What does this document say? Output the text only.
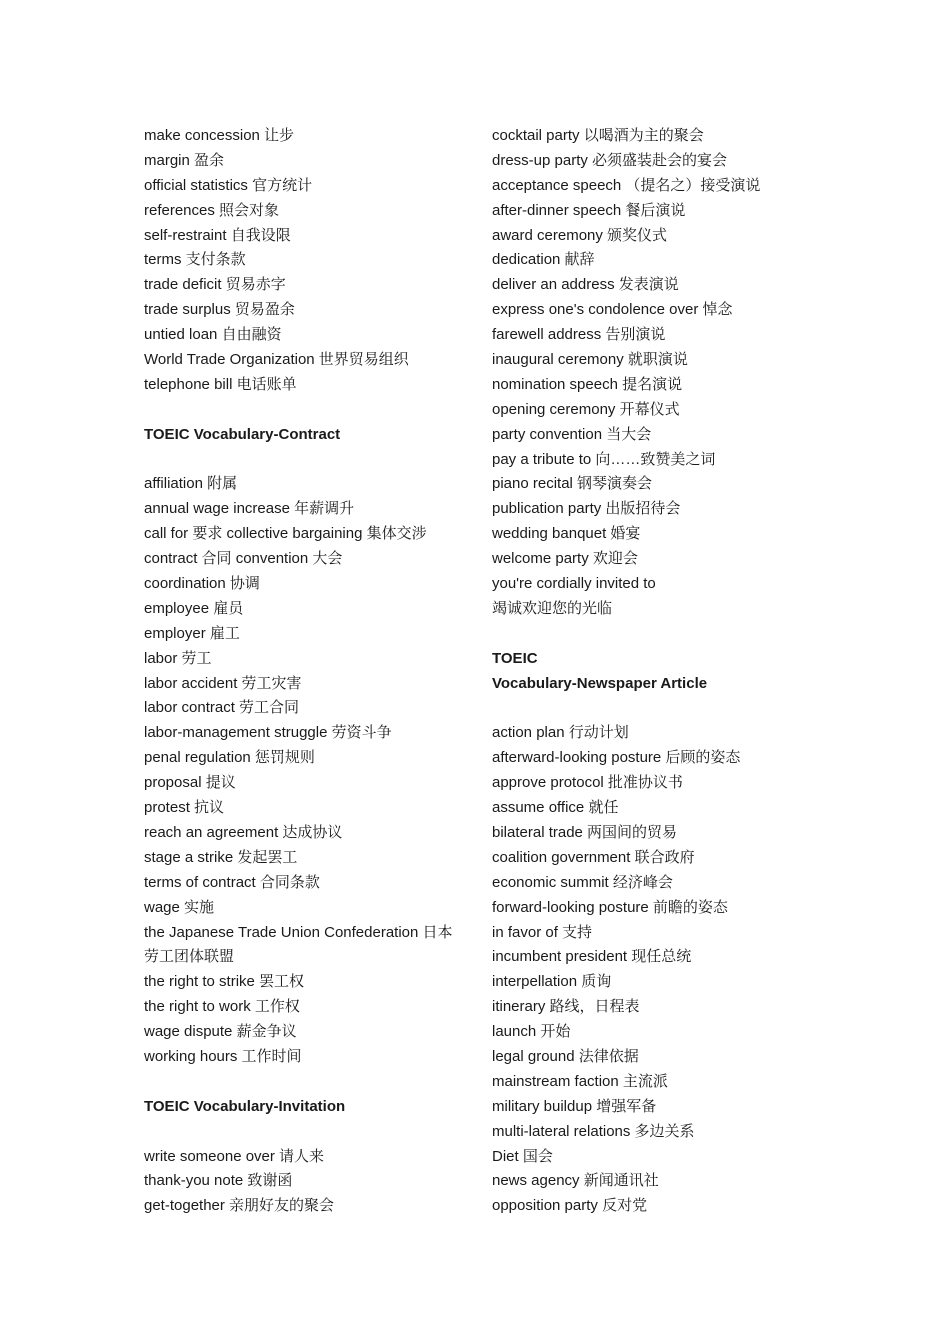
make concession 让步
margin 盈余
official statistics 官方统计
references 照会对象
self-restraint 自我设限
terms 支付条款
trade deficit 贸易赤字
trade surplus 贸易盈余
untied loan 自由融资
World Trade Organization 世界贸易组织
telephone bill 电话账单
TOEIC Vocabulary-Contract
affiliation 附属
annual wage increase 年薪调升
call for 要求 collective bargaining 集体交涉
contract 合同 convention 大会
coordination 协调
employee 雇员
employer 雇工
labor 劳工
labor accident 劳工灾害
labor contract 劳工合同
labor-management struggle 劳资斗争
penal regulation 惩罚规则
proposal 提议
protest 抗议
reach an agreement 达成协议
stage a strike 发起罢工
terms of contract 合同条款
wage 实施
the Japanese Trade Union Confederation 日本
劳工团体联盟
the right to strike 罢工权
the right to work 工作权
wage dispute 薪金争议
working hours 工作时间
TOEIC Vocabulary-Invitation
write someone over 请人来
thank-you note 致谢函
get-together 亲朋好友的聚会
cocktail party 以喝酒为主的聚会
dress-up party 必须盛装赴会的宴会
acceptance speech （提名之）接受演说
after-dinner speech 餐后演说
award ceremony 颁奖仪式
dedication 献辞
deliver an address 发表演说
express one's condolence over 悼念
farewell address 告别演说
inaugural ceremony 就职演说
nomination speech 提名演说
opening ceremony 开幕仪式
party convention 当大会
pay a tribute to 向……致赞美之词
piano recital 钢琴演奏会
publication party 出版招待会
wedding banquet 婚宴
welcome party 欢迎会
you're cordially invited to
竭诚欢迎您的光临
TOEIC
Vocabulary-Newspaper Article
action plan 行动计划
afterward-looking posture 后顾的姿态
approve protocol 批准协议书
assume office 就任
bilateral trade 两国间的贸易
coalition government 联合政府
economic summit 经济峰会
forward-looking posture 前瞻的姿态
in favor of 支持
incumbent president 现任总统
interpellation 质询
itinerary 路线，日程表
launch 开始
legal ground 法律依据
mainstream faction 主流派
military buildup 增强军备
multi-lateral relations 多边关系
Diet 国会
news agency 新闻通讯社
opposition party 反对党
